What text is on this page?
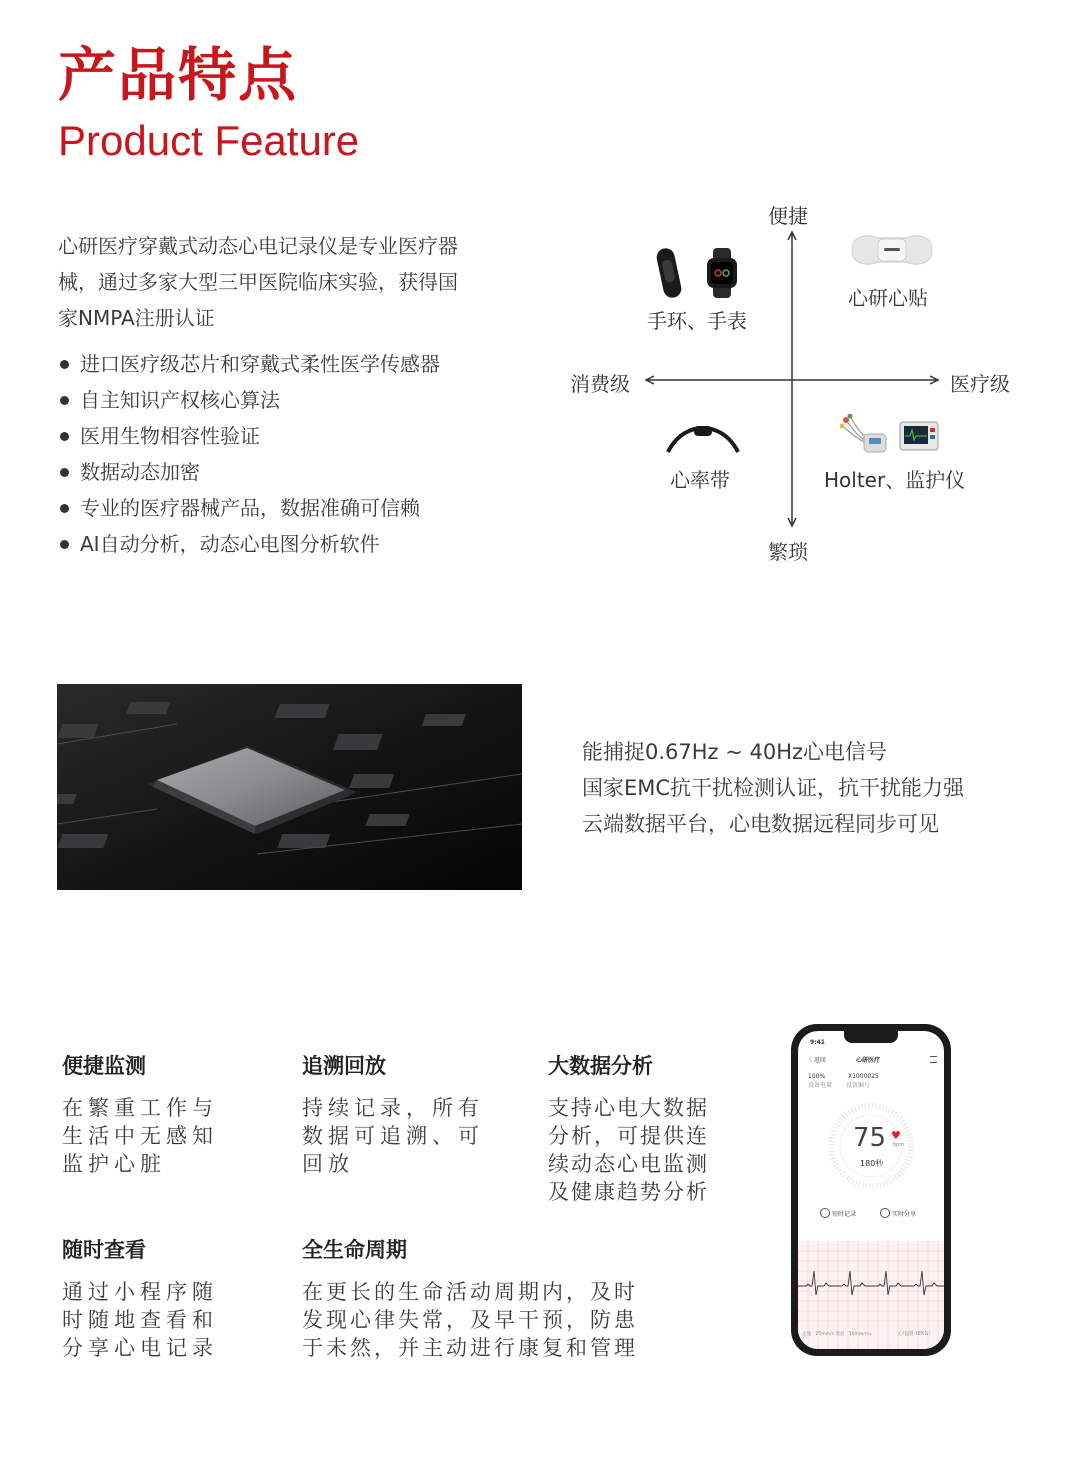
产品特点
Product Feature
心研医疗穿戴式动态心电记录仪是专业医疗器
械，通过多家大型三甲医院临床实验，获得国
家NMPA注册认证
进口医疗级芯片和穿戴式柔性医学传感器
自主知识产权核心算法
医用生物相容性验证
数据动态加密
专业的医疗器械产品，数据准确可信赖
AI自动分析，动态心电图分析软件
便捷
繁琐
消费级	医疗级
手环、手表
心研心贴
心率带	Holter、监护仪
能捕捉0.67Hz ~ 40Hz心电信号
国家EMC抗干扰检测认证，抗干扰能力强
云端数据平台，心电数据远程同步可见
便捷监测
在繁重工作与
生活中无感知
监护心脏
追溯回放
持续记录，所有
数据可追溯、可
回放
大数据分析
支持心电大数据
分析，可提供连
续动态心电监测
及健康趋势分析
随时查看
通过小程序随
时随地查看和
分享心电记录
全生命周期
在更长的生命活动周期内，及时
发现心律失常，及早干预，防患
于未然，并主动进行康复和管理
9:41
〈 返回	心研医疗
100%
设备电量
X1000025
设备编号
75 ♥
bpm
180秒
短时记录	实时分享
走速：25mm/s 增益：10mm/mv	心电图（EKG）
